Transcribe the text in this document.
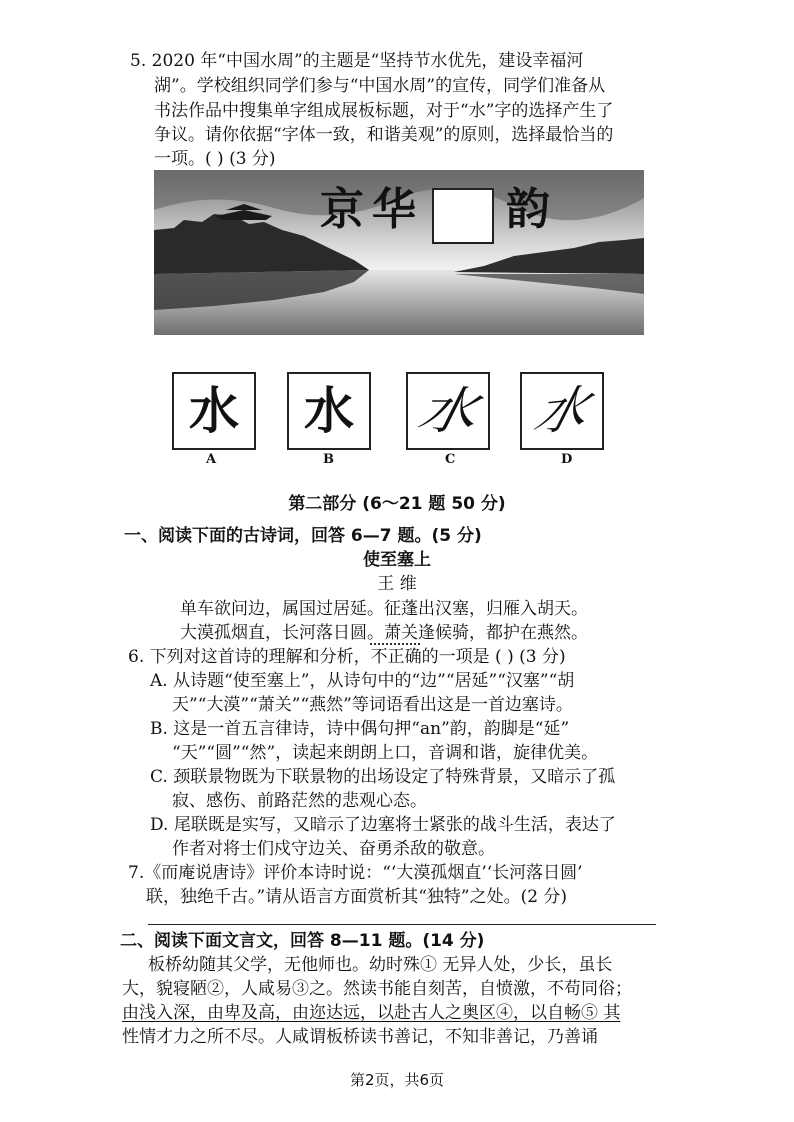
5. 2020 年“中国水周”的主题是“坚持节水优先，建设幸福河
湖”。学校组织同学们参与“中国水周”的宣传，同学们准备从
书法作品中搜集单字组成展板标题，对于“水”字的选择产生了
争议。请你依据“字体一致，和谐美观”的原则，选择最恰当的
一项。( ) (3 分)
京 华 韵
水
A
水
B
水
C
水
D
第二部分 (6～21 题 50 分)
一、阅读下面的古诗词，回答 6—7 题。(5 分)
使至塞上
王 维
单车欲问边，属国过居延。征蓬出汉塞，归雁入胡天。
大漠孤烟直，长河落日圆。萧关逢候骑，都护在燕然。
6. 下列对这首诗的理解和分析，不正确的一项是 ( ) (3 分)
A. 从诗题“使至塞上”，从诗句中的“边”“居延”“汉塞”“胡
天”“大漠”“萧关”“燕然”等词语看出这是一首边塞诗。
B. 这是一首五言律诗，诗中偶句押“an”韵，韵脚是“延”
“天”“圆”“然”，读起来朗朗上口，音调和谐，旋律优美。
C. 颈联景物既为下联景物的出场设定了特殊背景，又暗示了孤
寂、感伤、前路茫然的悲观心态。
D. 尾联既是实写，又暗示了边塞将士紧张的战斗生活，表达了
作者对将士们戍守边关、奋勇杀敌的敬意。
7.《而庵说唐诗》评价本诗时说：“‘大漠孤烟直’‘长河落日圆’
联，独绝千古。”请从语言方面赏析其“独特”之处。(2 分)
二、阅读下面文言文，回答 8—11 题。(14 分)
板桥幼随其父学，无他师也。幼时殊① 无异人处，少长，虽长
大，貌寝陋②，人咸易③之。然读书能自刻苦，自愤激，不苟同俗；
由浅入深，由卑及高，由迩达远，以赴古人之奥区④，以自畅⑤ 其
性情才力之所不尽。人咸谓板桥读书善记，不知非善记，乃善诵
第2页，共6页
